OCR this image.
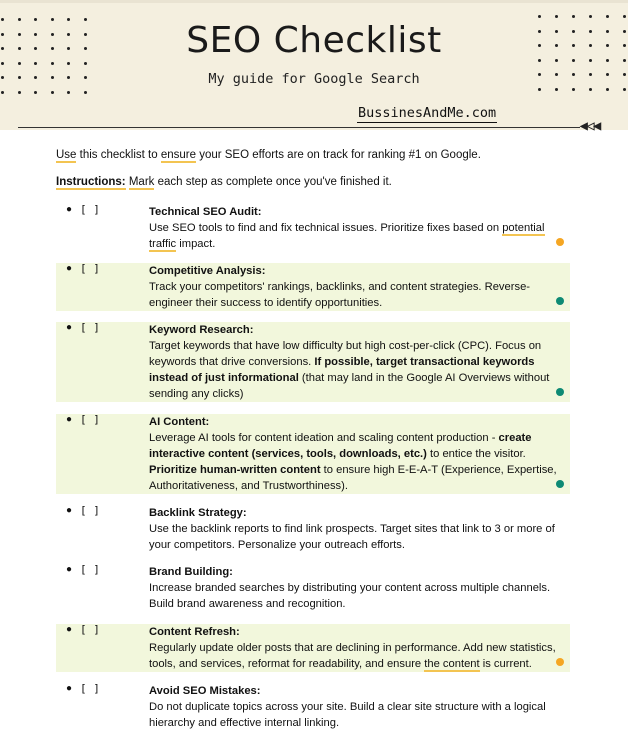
SEO Checklist
My guide for Google Search
BussinesAndMe.com
◀◁◀
Use this checklist to ensure your SEO efforts are on track for ranking #1 on Google.
Instructions: Mark each step as complete once you've finished it.
● [ ]	Technical SEO Audit:
Use SEO tools to find and fix technical issues. Prioritize fixes based on potential traffic impact.
● [ ]	Competitive Analysis:
Track your competitors' rankings, backlinks, and content strategies. Reverse-engineer their success to identify opportunities.
● [ ]	Keyword Research:
Target keywords that have low difficulty but high cost-per-click (CPC). Focus on keywords that drive conversions. If possible, target transactional keywords instead of just informational (that may land in the Google AI Overviews without sending any clicks)
● [ ]	AI Content:
Leverage AI tools for content ideation and scaling content production - create interactive content (services, tools, downloads, etc.) to entice the visitor. Prioritize human-written content to ensure high E-E-A-T (Experience, Expertise, Authoritativeness, and Trustworthiness).
● [ ]	Backlink Strategy:
Use the backlink reports to find link prospects. Target sites that link to 3 or more of your competitors. Personalize your outreach efforts.
● [ ]	Brand Building:
Increase branded searches by distributing your content across multiple channels. Build brand awareness and recognition.
● [ ]	Content Refresh:
Regularly update older posts that are declining in performance. Add new statistics, tools, and services, reformat for readability, and ensure the content is current.
● [ ]	Avoid SEO Mistakes:
Do not duplicate topics across your site. Build a clear site structure with a logical hierarchy and effective internal linking.
